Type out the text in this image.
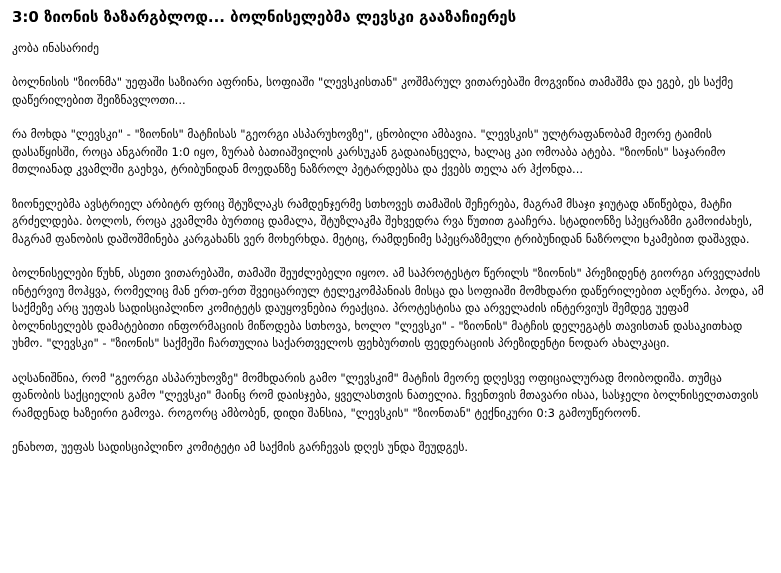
3:0 ზიონის ზაზარგბლოდ... ბოლნისელებმა ლევსკი გააზაჩიერეს
კობა ინასარიძე

ბოლნისის "ზიონმა" უეფაში საზიარი აფრინა, სოფიაში "ლევსკისთან" კოშმარულ ვითარებაში მოგვიწია თამაშმა და ეგებ, ეს საქმე დაწერილებით შეიზნავლოთი...

რა მოხდა "ლევსკი" - "ზიონის" მატჩისას "გეორგი ასპარუხოვზე", ცნობილი ამბავია. "ლევსკის" ულტრაფანობამ მეორე ტაიმის დასაწყისში, როცა ანგარიში 1:0 იყო, ზურაბ ბათიაშვილის კარსუკან გადაიანცელა, ხალაც კაი ომოაბა ატება. "ზიონის" საჯარიმო მთლიანად კვამლში გაეხვა, ტრიბუნიდან მოედანზე ნაზროლ პეტარდებსა და ქვებს თელა არ ჰქონდა...

ზიონელებმა ავსტრიელ არბიტრ ფრიც შტუზლაკს რამდენჯერმე სთხოვეს თამაშის შეჩერება, მაგრამ მსაჯი ჯიუტად აწიწებდა, მატჩი გრძელდება. ბოლოს, როცა კვამლმა ბურთიც დამალა, შტუზლაკმა შეხვედრა რვა წუთით გააჩერა. სტადიონზე სპეცრაზმი გამოიძახეს, მაგრამ ფანობის დაშოშმინება კარგახანს ვერ მოხერხდა. მეტიც, რამდენიმე სპეცრაზმელი ტრიბუნიდან ნაზროლი ხკამებით დაშავდა.

ბოლნისელები წუხნ, ასეთი ვითარებაში, თამაში შეუძლებელი იყოო. ამ საპროტესტო წერილს "ზიონის" პრეზიდენტ გიორგი არველაძის ინტერვიუ მოჰყვა, რომელიც მან ერთ-ერთ შვეიცარიულ ტელეკომპანიას მისცა და სოფიაში მომხდარი დაწერილებით აღწერა. პოდა, ამ საქმეზე არც უეფას სადისციპლინო კომიტეტს დაუყოვნებია რეაქცია. პროტესტისა და არველაძის ინტერვიუს შემდეგ უეფამ ბოლნისელებს დამატებითი ინფორმაციის მიწოდება სთხოვა, ხოლო "ლევსკი" - "ზიონის" მატჩის დელეგატს თავისთან დასაკითხად უხმო. "ლევსკი" - "ზიონის" საქმეში ჩართულია საქართველოს ფეხბურთის ფედერაციის პრეზიდენტი ნოდარ ახალკაცი.

აღსანიშნია, რომ "გეორგი ასპარუხოვზე" მომხდარის გამო "ლევსკიმ" მატჩის მეორე დღესვე ოფიციალურად მოიბოდიშა. თუმცა ფანობის საქციელის გამო "ლევსკი" მაინც რომ დაისჯება, ყველასთვის ნათელია. ჩვენთვის მთავარი ისაა, სასჯელი ბოლნისელთათვის რამდენად ხაზეირი გამოვა. როგორც ამბობენ, დიდი შანსია, "ლევსკის" "ზიონთან" ტექნიკური 0:3 გამოუწეროონ.

ენახოთ, უეფას სადისციპლინო კომიტეტი ამ საქმის გარჩევას დღეს უნდა შეუდგეს.
